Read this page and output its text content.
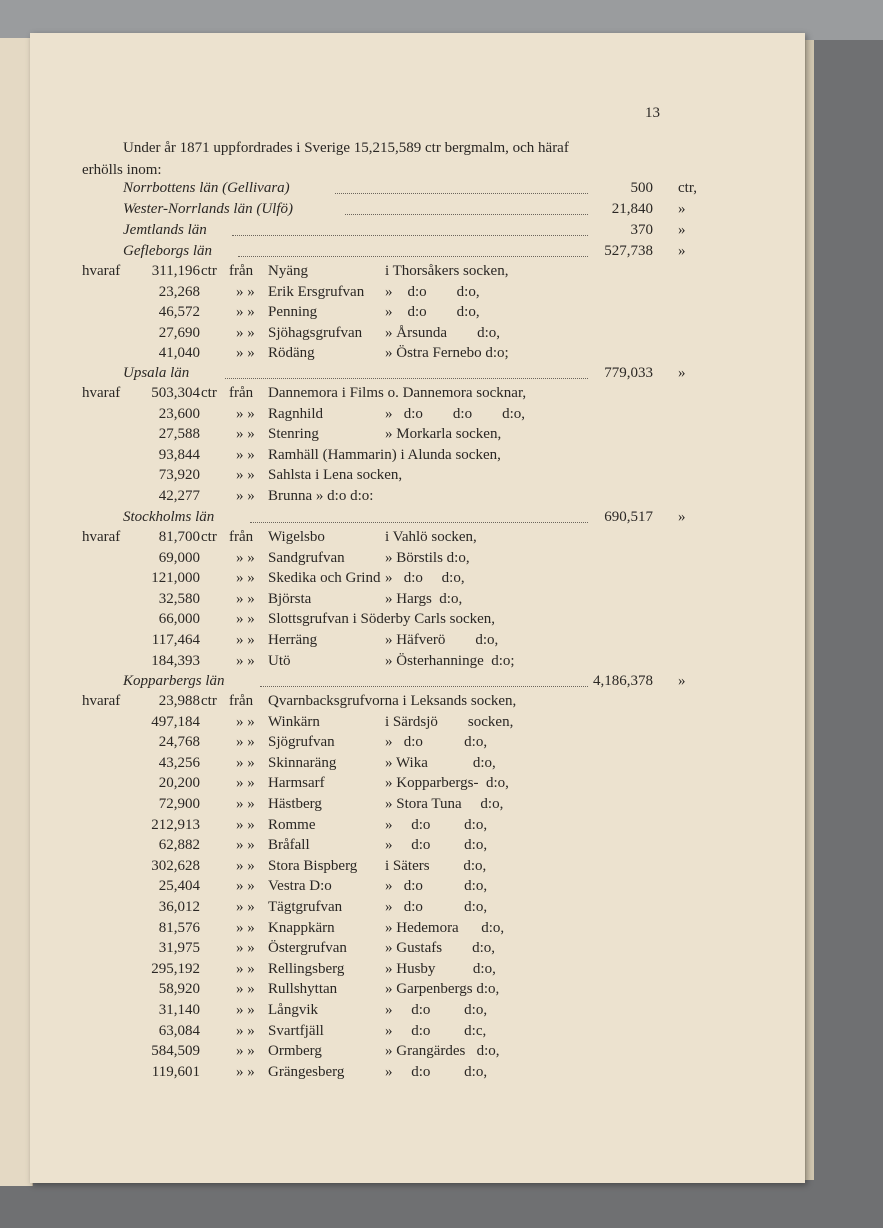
13
Under år 1871 uppfordrades i Sverige 15,215,589 ctr bergmalm, och häraf
erhölls inom:
Norrbottens län (Gellivara)	500 ctr,
Wester-Norrlands län (Ulfö)	21,840 »
Jemtlands län	370 »
Gefleborgs län	527,738 »
hvaraf	311,196 ctr från Nyäng	i Thorsåkers socken,
23,268 » » Erik Ersgrufvan »    d:o        d:o,
46,572 » » Penning	»    d:o        d:o,
27,690 » » Sjöhagsgrufvan » Årsunda        d:o,
41,040 » » Rödäng	» Östra Fernebo d:o;
Upsala län	779,033 »
hvaraf	503,304 ctr från Dannemora i Films o. Dannemora socknar,
23,600 » » Ragnhild	»   d:o        d:o        d:o,
27,588 » » Stenring	» Morkarla socken,
93,844 » » Ramhäll (Hammarin) i Alunda socken,
73,920 » » Sahlsta i Lena socken,
42,277 » » Brunna » d:o d:o:
Stockholms län	690,517 »
hvaraf	81,700 ctr från Wigelsbo	i Vahlö socken,
69,000 » » Sandgrufvan	» Börstils d:o,
121,000 » » Skedika och Grind »   d:o     d:o,
32,580 » » Björsta	» Hargs  d:o,
66,000 » » Slottsgrufvan i Söderby Carls socken,
117,464 » » Herräng	» Häfverö        d:o,
184,393 » » Utö	» Österhanninge  d:o;
Kopparbergs län	4,186,378 »
hvaraf	23,988 ctr från Qvarnbacksgrufvorna i Leksands socken,
497,184 » » Winkärn	i Särdsjö        socken,
24,768 » » Sjögrufvan	»   d:o           d:o,
43,256 » » Skinnaräng	» Wika            d:o,
20,200 » » Harmsarf	» Kopparbergs-  d:o,
72,900 » » Hästberg	» Stora Tuna     d:o,
212,913 » » Romme	»     d:o         d:o,
62,882 » » Bråfall	»     d:o         d:o,
302,628 » » Stora Bispberg i Säters         d:o,
25,404 » » Vestra D:o	»   d:o           d:o,
36,012 » » Tägtgrufvan	»   d:o           d:o,
81,576 » » Knappkärn	» Hedemora      d:o,
31,975 » » Östergrufvan	» Gustafs        d:o,
295,192 » » Rellingsberg	» Husby          d:o,
58,920 » » Rullshyttan	» Garpenbergs d:o,
31,140 » » Långvik	»     d:o         d:o,
63,084 » » Svartfjäll	»     d:o         d:c,
584,509 » » Ormberg	» Grangärdes   d:o,
119,601 » » Grängesberg	»     d:o         d:o,
